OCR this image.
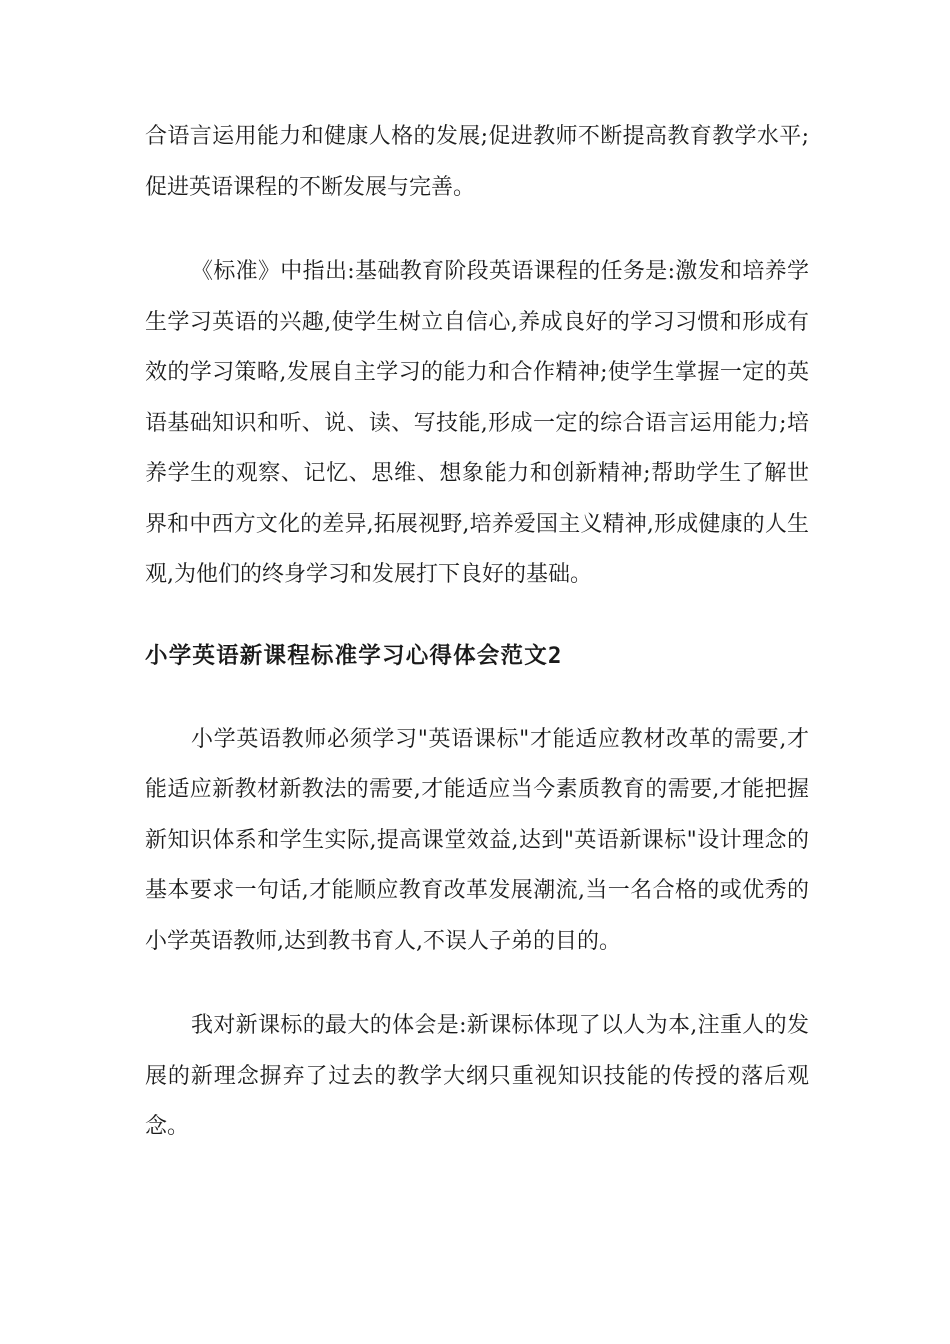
合语言运用能力和健康人格的发展;促进教师不断提高教育教学水平;促进英语课程的不断发展与完善。

《标准》中指出:基础教育阶段英语课程的任务是:激发和培养学生学习英语的兴趣,使学生树立自信心,养成良好的学习习惯和形成有效的学习策略,发展自主学习的能力和合作精神;使学生掌握一定的英语基础知识和听、说、读、写技能,形成一定的综合语言运用能力;培养学生的观察、记忆、思维、想象能力和创新精神;帮助学生了解世界和中西方文化的差异,拓展视野,培养爱国主义精神,形成健康的人生观,为他们的终身学习和发展打下良好的基础。

小学英语新课程标准学习心得体会范文2

小学英语教师必须学习"英语课标"才能适应教材改革的需要,才能适应新教材新教法的需要,才能适应当今素质教育的需要,才能把握新知识体系和学生实际,提高课堂效益,达到"英语新课标"设计理念的基本要求一句话,才能顺应教育改革发展潮流,当一名合格的或优秀的小学英语教师,达到教书育人,不误人子弟的目的。

我对新课标的最大的体会是:新课标体现了以人为本,注重人的发展的新理念摒弃了过去的教学大纲只重视知识技能的传授的落后观念。
